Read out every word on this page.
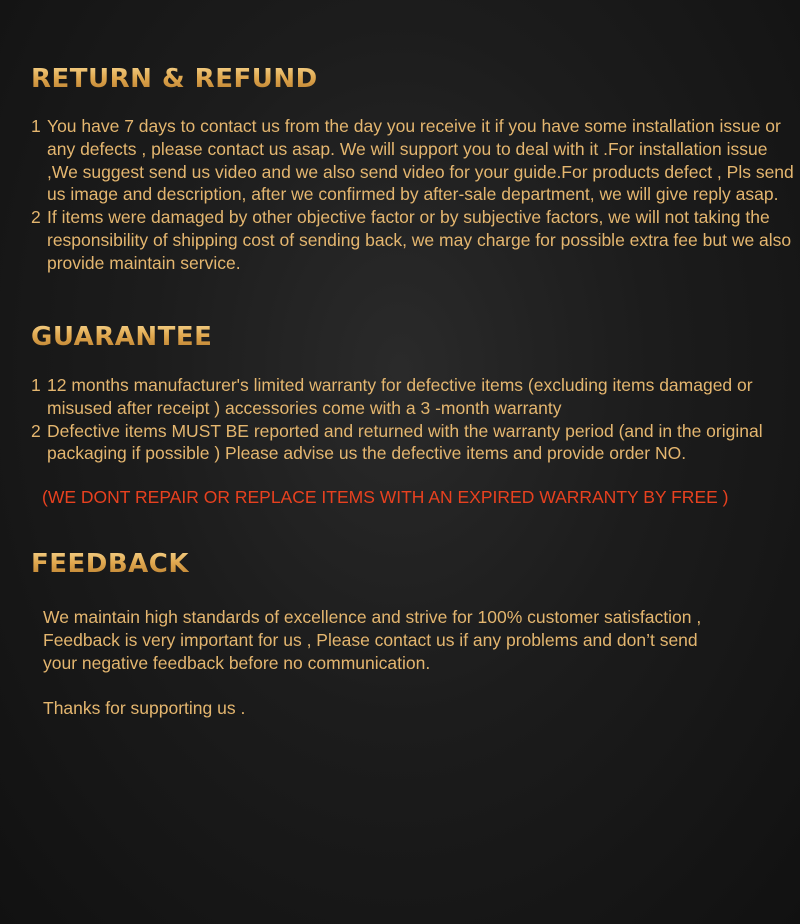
RETURN & REFUND
1 You have 7 days to contact us from the day you receive it if you have some installation issue or any defects , please contact us asap. We will support you to deal with it .For installation issue ,We suggest send us video and we also send video for your guide.For products defect , Pls send us image and description, after we confirmed by after-sale department, we will give reply asap.
2 If items were damaged by other objective factor or by subjective factors, we will not taking the responsibility of shipping cost of sending back, we may charge for possible extra fee but we also provide maintain service.
GUARANTEE
1 12 months manufacturer's limited warranty for defective items (excluding items damaged or misused after receipt ) accessories come with a 3 -month warranty
2 Defective items MUST BE reported and returned with the warranty period (and in the original packaging if possible ) Please advise us the defective items and provide order NO.

(WE DONT REPAIR OR REPLACE ITEMS WITH AN EXPIRED WARRANTY BY FREE )

FEEDBACK

We maintain high standards of excellence and strive for 100% customer satisfaction ,
Feedback is very important for us , Please contact us if any problems and don’t send
your negative feedback before no communication.

Thanks for supporting us .
